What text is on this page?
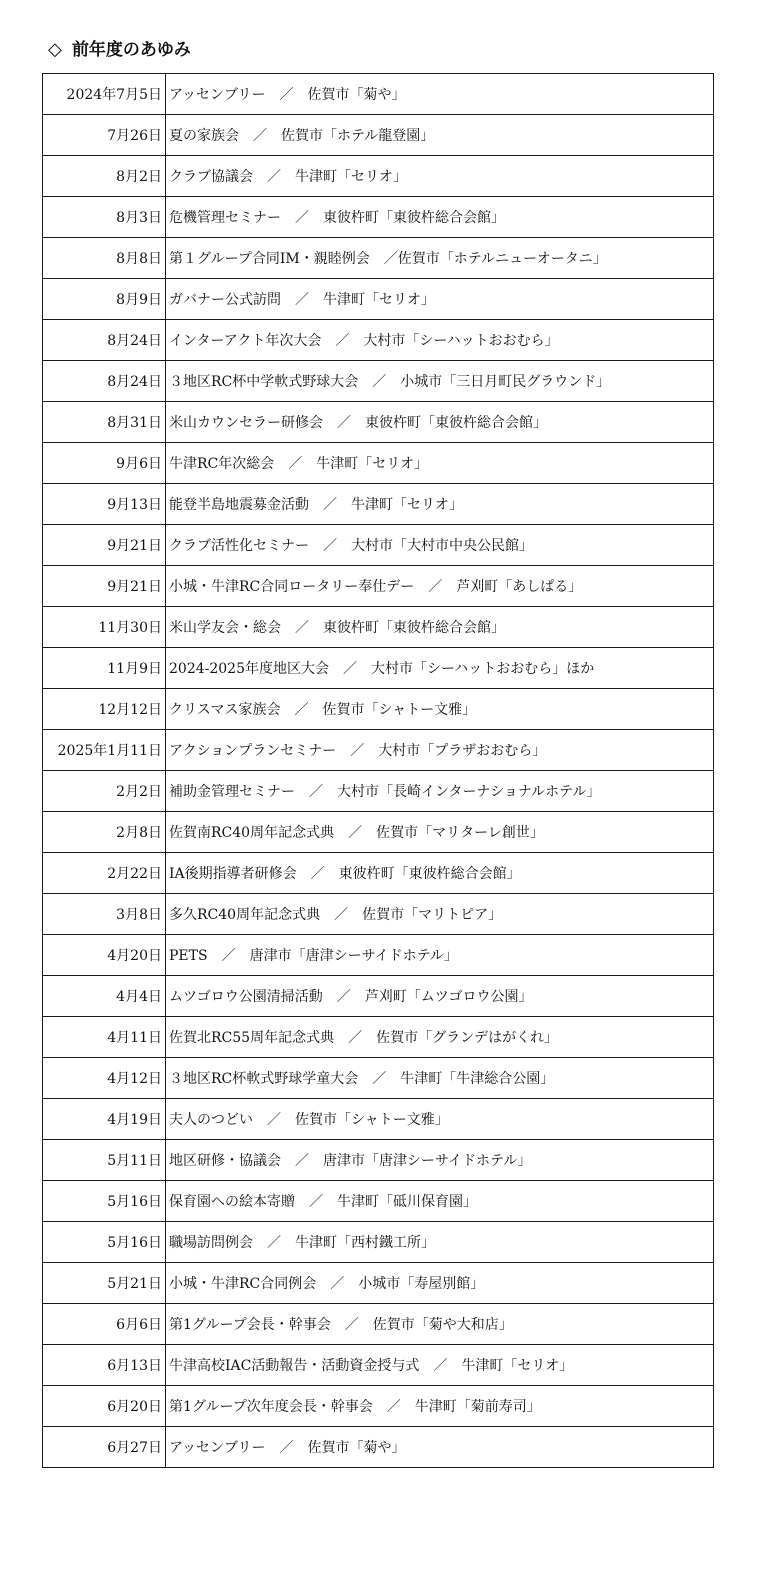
◇ 前年度のあゆみ
2024年7月5日	アッセンブリー　／　佐賀市「菊や」
7月26日	夏の家族会　／　佐賀市「ホテル龍登園」
8月2日	クラブ協議会　／　牛津町「セリオ」
8月3日	危機管理セミナー　／　東彼杵町「東彼杵総合会館」
8月8日	第１グループ合同IM・親睦例会　／佐賀市「ホテルニューオータニ」
8月9日	ガバナー公式訪問　／　牛津町「セリオ」
8月24日	インターアクト年次大会　／　大村市「シーハットおおむら」
8月24日	３地区RC杯中学軟式野球大会　／　小城市「三日月町民グラウンド」
8月31日	米山カウンセラー研修会　／　東彼杵町「東彼杵総合会館」
9月6日	牛津RC年次総会　／　牛津町「セリオ」
9月13日	能登半島地震募金活動　／　牛津町「セリオ」
9月21日	クラブ活性化セミナー　／　大村市「大村市中央公民館」
9月21日	小城・牛津RC合同ロータリー奉仕デー　／　芦刈町「あしぱる」
11月30日	米山学友会・総会　／　東彼杵町「東彼杵総合会館」
11月9日	2024-2025年度地区大会　／　大村市「シーハットおおむら」ほか
12月12日	クリスマス家族会　／　佐賀市「シャトー文雅」
2025年1月11日	アクションプランセミナー　／　大村市「プラザおおむら」
2月2日	補助金管理セミナー　／　大村市「長崎インターナショナルホテル」
2月8日	佐賀南RC40周年記念式典　／　佐賀市「マリターレ創世」
2月22日	IA後期指導者研修会　／　東彼杵町「東彼杵総合会館」
3月8日	多久RC40周年記念式典　／　佐賀市「マリトピア」
4月20日	PETS　／　唐津市「唐津シーサイドホテル」
4月4日	ムツゴロウ公園清掃活動　／　芦刈町「ムツゴロウ公園」
4月11日	佐賀北RC55周年記念式典　／　佐賀市「グランデはがくれ」
4月12日	３地区RC杯軟式野球学童大会　／　牛津町「牛津総合公園」
4月19日	夫人のつどい　／　佐賀市「シャトー文雅」
5月11日	地区研修・協議会　／　唐津市「唐津シーサイドホテル」
5月16日	保育園への絵本寄贈　／　牛津町「砥川保育園」
5月16日	職場訪問例会　／　牛津町「西村鐵工所」
5月21日	小城・牛津RC合同例会　／　小城市「寿屋別館」
6月6日	第1グループ会長・幹事会　／　佐賀市「菊や大和店」
6月13日	牛津高校IAC活動報告・活動資金授与式　／　牛津町「セリオ」
6月20日	第1グループ次年度会長・幹事会　／　牛津町「菊前寿司」
6月27日	アッセンブリー　／　佐賀市「菊や」
